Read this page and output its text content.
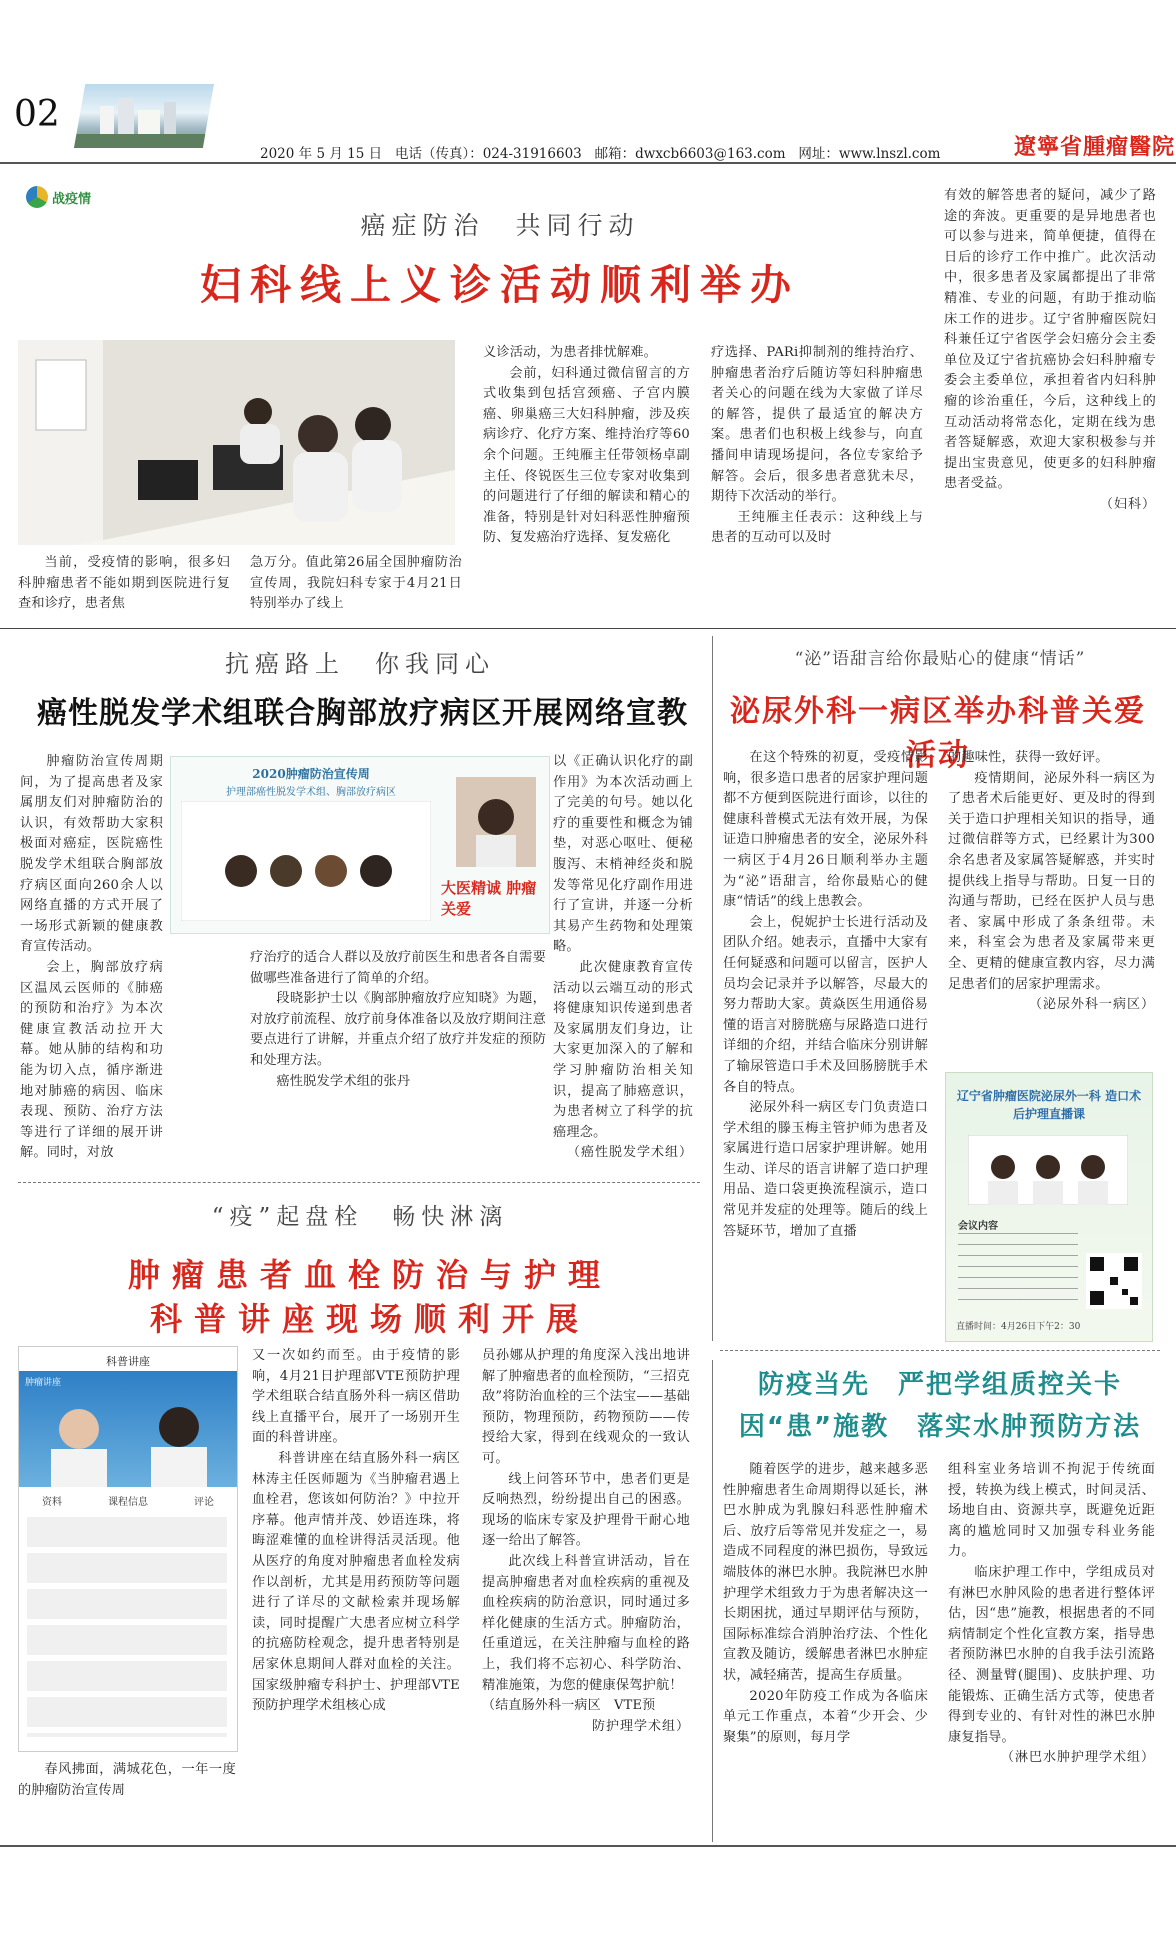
02
2020 年 5 月 15 日   电话（传真）：024-31916603   邮箱：dwxcb6603@163.com   网址：www.lnszl.com	遼寧省腫瘤醫院
战疫情
癌症防治　共同行动
妇科线上义诊活动顺利举办

当前，受疫情的影响，很多妇科肿瘤患者不能如期到医院进行复查和诊疗，患者焦

急万分。值此第26届全国肿瘤防治宣传周，我院妇科专家于4月21日特别举办了线上

义诊活动，为患者排忧解难。

会前，妇科通过微信留言的方式收集到包括宫颈癌、子宫内膜癌、卵巢癌三大妇科肿瘤，涉及疾病诊疗、化疗方案、维持治疗等60余个问题。王纯雁主任带领杨卓副主任、佟锐医生三位专家对收集到的问题进行了仔细的解读和精心的准备，特别是针对妇科恶性肿瘤预防、复发癌治疗选择、复发癌化

疗选择、PARi抑制剂的维持治疗、肿瘤患者治疗后随访等妇科肿瘤患者关心的问题在线为大家做了详尽的解答，提供了最适宜的解决方案。患者们也积极上线参与，向直播间申请现场提问，各位专家给予解答。会后，很多患者意犹未尽，期待下次活动的举行。

王纯雁主任表示：这种线上与患者的互动可以及时

有效的解答患者的疑问，减少了路途的奔波。更重要的是异地患者也可以参与进来，简单便捷，值得在日后的诊疗工作中推广。此次活动中，很多患者及家属都提出了非常精准、专业的问题，有助于推动临床工作的进步。辽宁省肿瘤医院妇科兼任辽宁省医学会妇癌分会主委单位及辽宁省抗癌协会妇科肿瘤专委会主委单位，承担着省内妇科肿瘤的诊治重任，今后，这种线上的互动活动将常态化，定期在线为患者答疑解惑，欢迎大家积极参与并提出宝贵意见，使更多的妇科肿瘤患者受益。

（妇科）
抗癌路上　你我同心
癌性脱发学术组联合胸部放疗病区开展网络宣教
2020肿瘤防治宣传周
护理部癌性脱发学术组、胸部放疗病区
大医精诚 肿瘤关爱

肿瘤防治宣传周期间，为了提高患者及家属朋友们对肿瘤防治的认识，有效帮助大家积极面对癌症，医院癌性脱发学术组联合胸部放疗病区面向260余人以网络直播的方式开展了一场形式新颖的健康教育宣传活动。

会上，胸部放疗病区温凤云医师的《肺癌的预防和治疗》为本次健康宣教活动拉开大幕。她从肺的结构和功能为切入点，循序渐进地对肺癌的病因、临床表现、预防、治疗方法等进行了详细的展开讲解。同时，对放

疗治疗的适合人群以及放疗前医生和患者各自需要做哪些准备进行了简单的介绍。

段晓影护士以《胸部肿瘤放疗应知晓》为题，对放疗前流程、放疗前身体准备以及放疗期间注意要点进行了讲解，并重点介绍了放疗并发症的预防和处理方法。

癌性脱发学术组的张丹

以《正确认识化疗的副作用》为本次活动画上了完美的句号。她以化疗的重要性和概念为铺垫，对恶心呕吐、便秘腹泻、末梢神经炎和脱发等常见化疗副作用进行了宣讲，并逐一分析其易产生药物和处理策略。

此次健康教育宣传活动以云端互动的形式将健康知识传递到患者及家属朋友们身边，让大家更加深入的了解和学习肿瘤防治相关知识，提高了肺癌意识，为患者树立了科学的抗癌理念。

（癌性脱发学术组）
“泌”语甜言给你最贴心的健康“情话”
泌尿外科一病区举办科普关爱活动

在这个特殊的初夏，受疫情影响，很多造口患者的居家护理问题都不方便到医院进行面诊，以往的健康科普模式无法有效开展，为保证造口肿瘤患者的安全，泌尿外科一病区于4月26日顺利举办主题为“泌”语甜言，给你最贴心的健康“情话”的线上患教会。

会上，倪妮护士长进行活动及团队介绍。她表示，直播中大家有任何疑惑和问题可以留言，医护人员均会记录并予以解答，尽最大的努力帮助大家。黄焱医生用通俗易懂的语言对膀胱癌与尿路造口进行详细的介绍，并结合临床分别讲解了输尿管造口手术及回肠膀胱手术各自的特点。

泌尿外科一病区专门负责造口学术组的滕玉梅主管护师为患者及家属进行造口居家护理讲解。她用生动、详尽的语言讲解了造口护理用品、造口袋更换流程演示，造口常见并发症的处理等。随后的线上答疑环节，增加了直播

的趣味性，获得一致好评。

疫情期间，泌尿外科一病区为了患者术后能更好、更及时的得到关于造口护理相关知识的指导，通过微信群等方式，已经累计为300余名患者及家属答疑解惑，并实时提供线上指导与帮助。日复一日的沟通与帮助，已经在医护人员与患者、家属中形成了条条纽带。未来，科室会为患者及家属带来更全、更精的健康宣教内容，尽力满足患者们的居家护理需求。

（泌尿外科一病区）
辽宁省肿瘤医院泌尿外一科 造口术后护理直播课
会议内容
直播时间：4月26日下午2：30
“疫”起盘栓　畅快淋漓
肿瘤患者血栓防治与护理
科普讲座现场顺利开展
科普讲座
肿瘤讲座
资料	课程信息	评论

春风拂面，满城花色，一年一度的肿瘤防治宣传周

又一次如约而至。由于疫情的影响，4月21日护理部VTE预防护理学术组联合结直肠外科一病区借助线上直播平台，展开了一场别开生面的科普讲座。

科普讲座在结直肠外科一病区林涛主任医师题为《当肿瘤君遇上血栓君，您该如何防治？》中拉开序幕。他声情并茂、妙语连珠，将晦涩难懂的血栓讲得活灵活现。他从医疗的角度对肿瘤患者血栓发病作以剖析，尤其是用药预防等问题进行了详尽的文献检索并现场解读，同时提醒广大患者应树立科学的抗癌防栓观念，提升患者特别是居家休息期间人群对血栓的关注。国家级肿瘤专科护士、护理部VTE预防护理学术组核心成

员孙娜从护理的角度深入浅出地讲解了肿瘤患者的血栓预防，“三招克敌”将防治血栓的三个法宝——基础预防，物理预防，药物预防——传授给大家，得到在线观众的一致认可。

线上问答环节中，患者们更是反响热烈，纷纷提出自己的困惑。现场的临床专家及护理骨干耐心地逐一给出了解答。

此次线上科普宣讲活动，旨在提高肿瘤患者对血栓疾病的重视及血栓疾病的防治意识，同时通过多样化健康的生活方式。肿瘤防治，任重道远，在关注肿瘤与血栓的路上，我们将不忘初心、科学防治、精准施策，为您的健康保驾护航！

（结直肠外科一病区　VTE预
防护理学术组）
防疫当先　严把学组质控关卡
因“患”施教　落实水肿预防方法

随着医学的进步，越来越多恶性肿瘤患者生命周期得以延长，淋巴水肿成为乳腺妇科恶性肿瘤术后、放疗后等常见并发症之一，易造成不同程度的淋巴损伤，导致远端肢体的淋巴水肿。我院淋巴水肿护理学术组致力于为患者解决这一长期困扰，通过早期评估与预防，国际标准综合消肿治疗法、个性化宣教及随访，缓解患者淋巴水肿症状，减轻痛苦，提高生存质量。

2020年防疫工作成为各临床单元工作重点，本着“少开会、少聚集”的原则，每月学

组科室业务培训不拘泥于传统面授，转换为线上模式，时间灵活、场地自由、资源共享，既避免近距离的尴尬同时又加强专科业务能力。

临床护理工作中，学组成员对有淋巴水肿风险的患者进行整体评估，因“患”施教，根据患者的不同病情制定个性化宣教方案，指导患者预防淋巴水肿的自我手法引流路径、测量臂(腿围)、皮肤护理、功能锻炼、正确生活方式等，使患者得到专业的、有针对性的淋巴水肿康复指导。

（淋巴水肿护理学术组）
